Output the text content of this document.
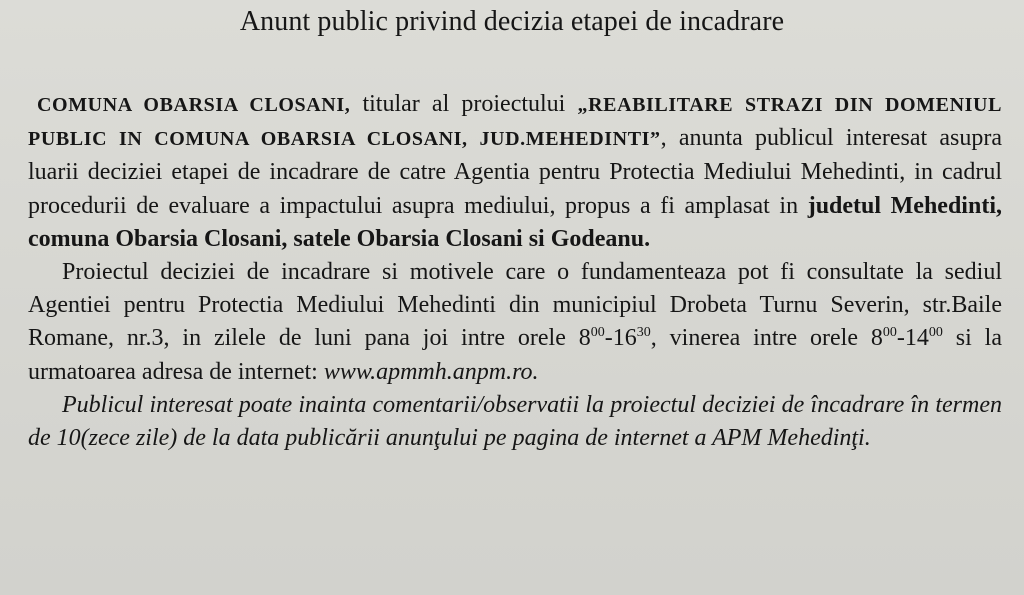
Anunt public privind decizia etapei de incadrare

COMUNA OBARSIA CLOSANI, titular al proiectului „REABILITARE STRAZI DIN DOMENIUL PUBLIC IN COMUNA OBARSIA CLOSANI, JUD.MEHEDINTI”, anunta publicul interesat asupra luarii deciziei etapei de incadrare de catre Agentia pentru Protectia Mediului Mehedinti, in cadrul procedurii de evaluare a impactului asupra mediului, propus a fi amplasat in judetul Mehedinti, comuna Obarsia Closani, satele Obarsia Closani si Godeanu.

Proiectul deciziei de incadrare si motivele care o fundamenteaza pot fi consultate la sediul Agentiei pentru Protectia Mediului Mehedinti din municipiul Drobeta Turnu Severin, str.Baile Romane, nr.3, in zilele de luni pana joi intre orele $8^{00}-16^{30}$, vinerea intre orele $8^{00}-14^{00}$ si la urmatoarea adresa de internet: www.apmmh.anpm.ro.

Publicul interesat poate inainta comentarii/observatii la proiectul deciziei de încadrare în termen de 10(zece zile) de la data publicării anunţului pe pagina de internet a APM Mehedinţi.
